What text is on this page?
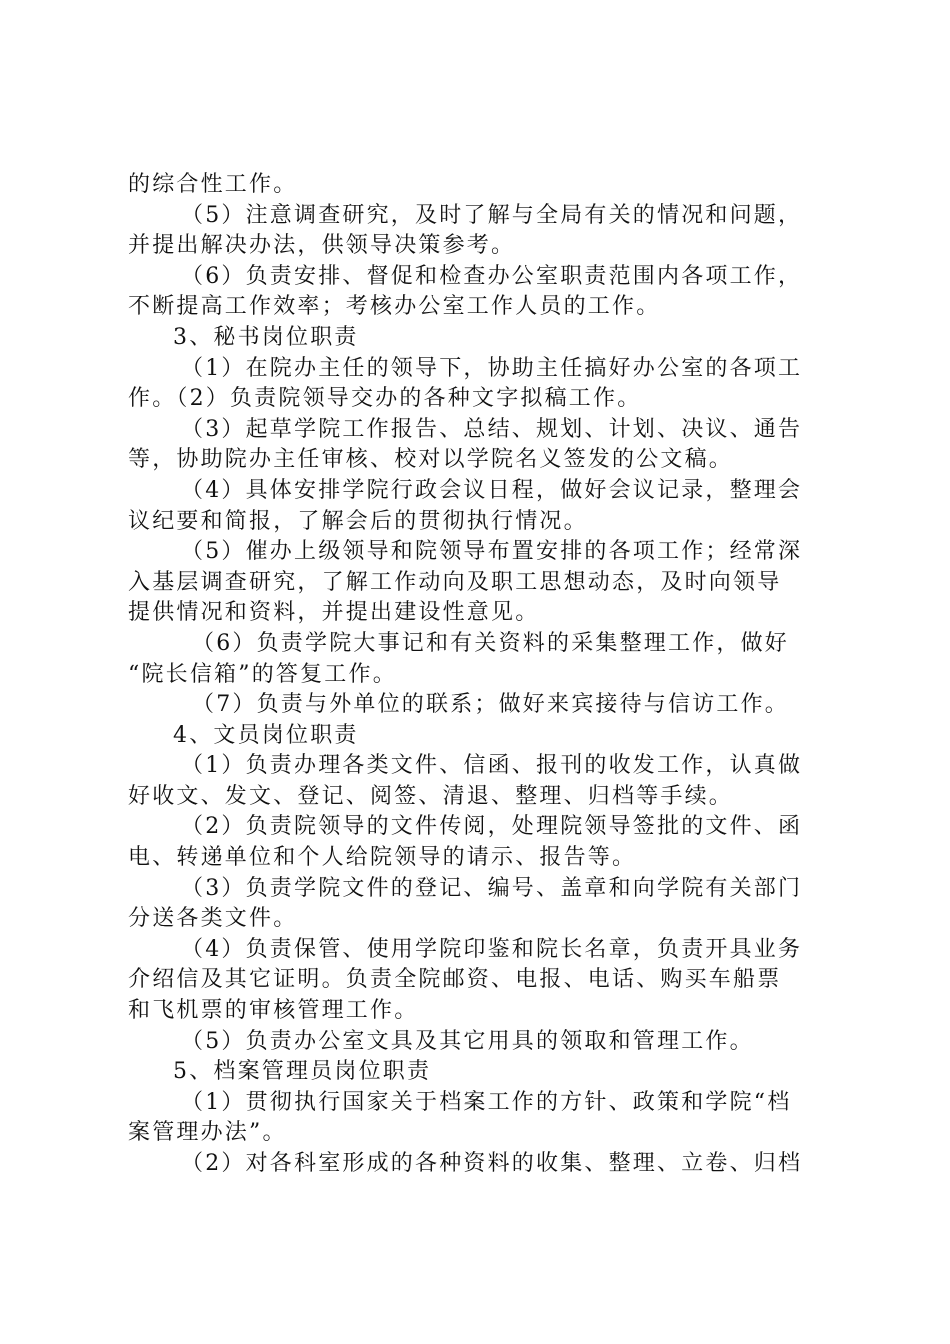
的综合性工作。
（5）注意调查研究，及时了解与全局有关的情况和问题，
并提出解决办法，供领导决策参考。
（6）负责安排、督促和检查办公室职责范围内各项工作，
不断提高工作效率；考核办公室工作人员的工作。
3、秘书岗位职责
（1）在院办主任的领导下，协助主任搞好办公室的各项工
作。（2）负责院领导交办的各种文字拟稿工作。
（3）起草学院工作报告、总结、规划、计划、决议、通告
等，协助院办主任审核、校对以学院名义签发的公文稿。
（4）具体安排学院行政会议日程，做好会议记录，整理会
议纪要和简报，了解会后的贯彻执行情况。
（5）催办上级领导和院领导布置安排的各项工作；经常深
入基层调查研究，了解工作动向及职工思想动态，及时向领导
提供情况和资料，并提出建设性意见。
（6）负责学院大事记和有关资料的采集整理工作，做好
“院长信箱”的答复工作。
（7）负责与外单位的联系；做好来宾接待与信访工作。
4、文员岗位职责
（1）负责办理各类文件、信函、报刊的收发工作，认真做
好收文、发文、登记、阅签、清退、整理、归档等手续。
（2）负责院领导的文件传阅，处理院领导签批的文件、函
电、转递单位和个人给院领导的请示、报告等。
（3）负责学院文件的登记、编号、盖章和向学院有关部门
分送各类文件。
（4）负责保管、使用学院印鉴和院长名章，负责开具业务
介绍信及其它证明。负责全院邮资、电报、电话、购买车船票
和飞机票的审核管理工作。
（5）负责办公室文具及其它用具的领取和管理工作。
5、档案管理员岗位职责
（1）贯彻执行国家关于档案工作的方针、政策和学院“档
案管理办法”。
（2）对各科室形成的各种资料的收集、整理、立卷、归档
